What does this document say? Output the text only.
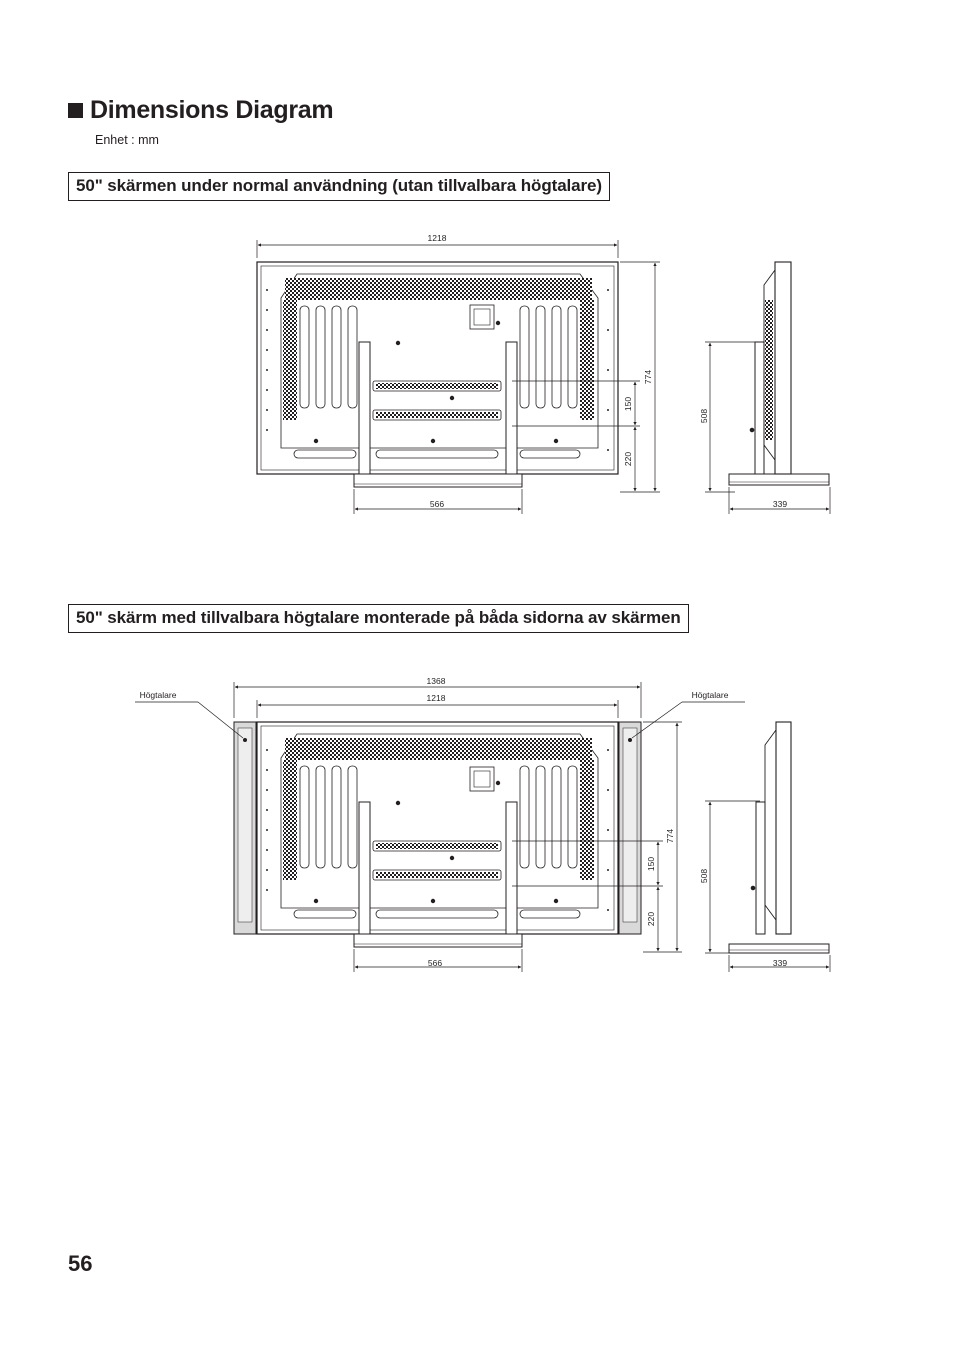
Dimensions Diagram
Enhet : mm
50" skärmen under normal användning (utan tillvalbara högtalare)
1218
774
150
220
566
508
339
50" skärm med tillvalbara högtalare monterade på båda sidorna av skärmen
1368
1218
Högtalare	Högtalare
774
150
220
566
508
339
56
